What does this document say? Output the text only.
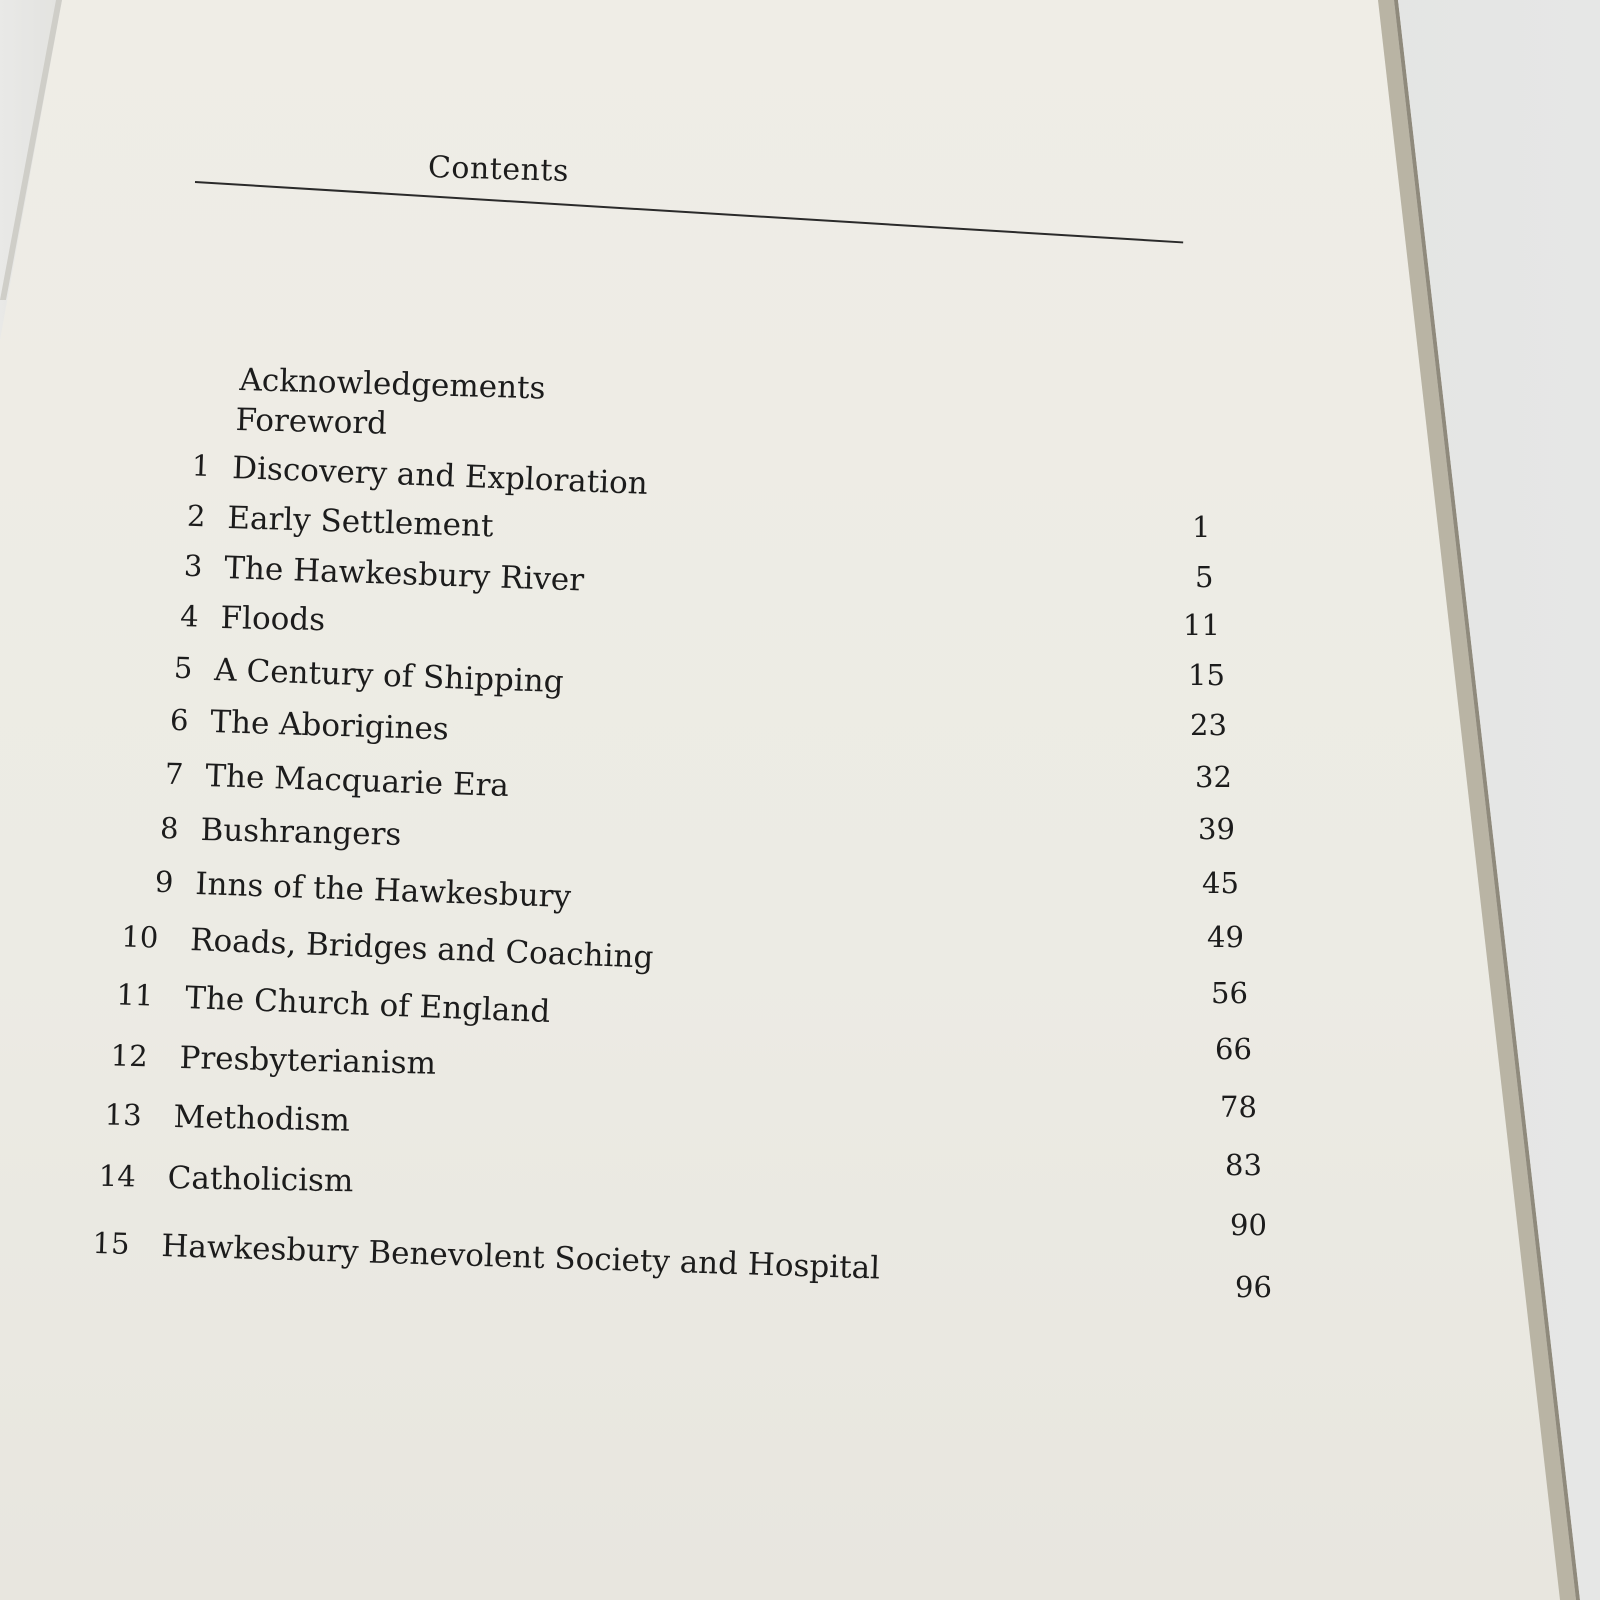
Contents
Acknowledgements
Foreword
1 Discovery and Exploration
2 Early Settlement
3 The Hawkesbury River
4 Floods
5 A Century of Shipping
6 The Aborigines
7 The Macquarie Era
8 Bushrangers
9 Inns of the Hawkesbury
10 Roads, Bridges and Coaching
11 The Church of England
12 Presbyterianism
13 Methodism
14 Catholicism
15 Hawkesbury Benevolent Society and Hospital
1
5
11
15
23
32
39
45
49
56
66
78
83
90
96
